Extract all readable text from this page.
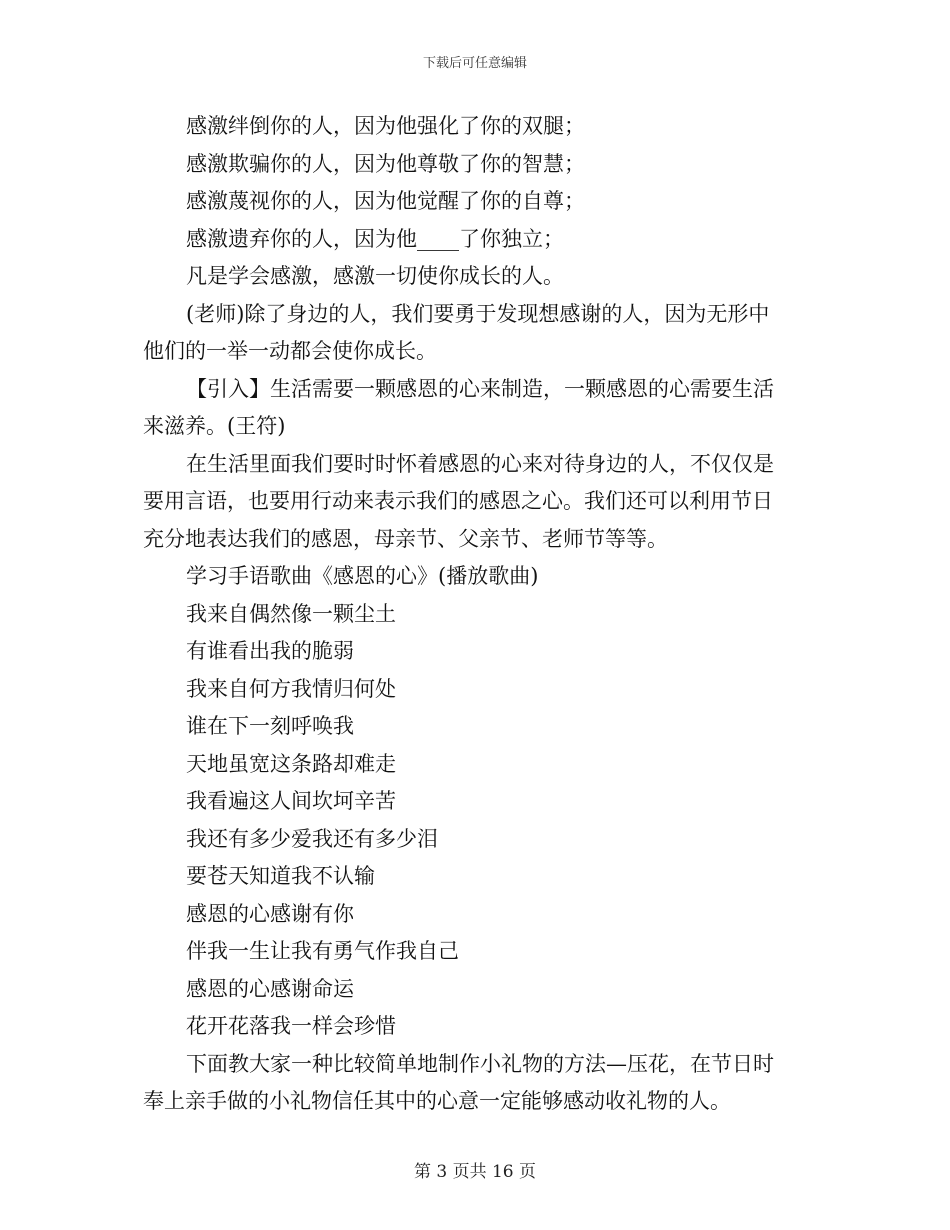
下载后可任意编辑
感激绊倒你的人，因为他强化了你的双腿；
感激欺骗你的人，因为他尊敬了你的智慧；
感激蔑视你的人，因为他觉醒了你的自尊；
感激遗弃你的人，因为他____了你独立；
凡是学会感激，感激一切使你成长的人。
(老师)除了身边的人，我们要勇于发现想感谢的人，因为无形中
他们的一举一动都会使你成长。
【引入】生活需要一颗感恩的心来制造，一颗感恩的心需要生活
来滋养。(王符)
在生活里面我们要时时怀着感恩的心来对待身边的人，不仅仅是
要用言语，也要用行动来表示我们的感恩之心。我们还可以利用节日
充分地表达我们的感恩，母亲节、父亲节、老师节等等。
学习手语歌曲《感恩的心》(播放歌曲)
我来自偶然像一颗尘土
有谁看出我的脆弱
我来自何方我情归何处
谁在下一刻呼唤我
天地虽宽这条路却难走
我看遍这人间坎坷辛苦
我还有多少爱我还有多少泪
要苍天知道我不认输
感恩的心感谢有你
伴我一生让我有勇气作我自己
感恩的心感谢命运
花开花落我一样会珍惜
下面教大家一种比较简单地制作小礼物的方法—压花，在节日时
奉上亲手做的小礼物信任其中的心意一定能够感动收礼物的人。
第 3 页共 16 页
